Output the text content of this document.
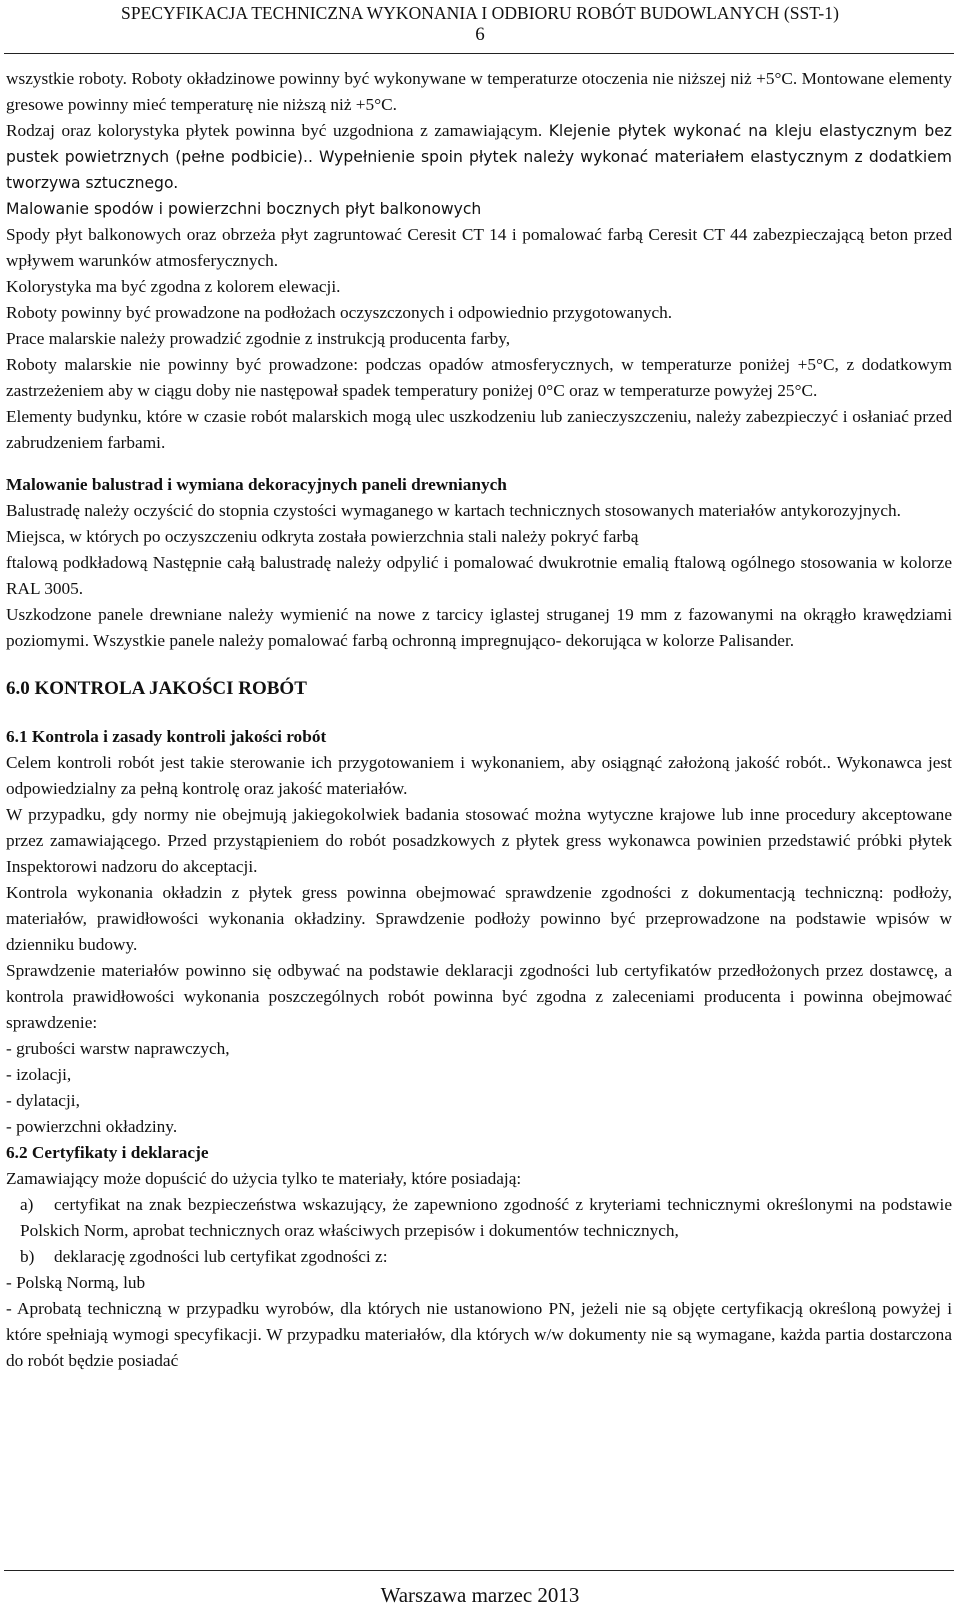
SPECYFIKACJA TECHNICZNA WYKONANIA I ODBIORU ROBÓT BUDOWLANYCH (SST-1)
6

wszystkie roboty. Roboty okładzinowe powinny być wykonywane w temperaturze otoczenia nie niższej niż +5°C. Montowane elementy gresowe powinny mieć temperaturę nie niższą niż +5°C.

Rodzaj oraz kolorystyka płytek powinna być uzgodniona z zamawiającym. Klejenie płytek wykonać na kleju elastycznym bez pustek powietrznych (pełne podbicie).. Wypełnienie spoin płytek należy wykonać materiałem elastycznym z dodatkiem tworzywa sztucznego.

Malowanie spodów i powierzchni bocznych płyt balkonowych

Spody płyt balkonowych oraz obrzeża płyt zagruntować Ceresit CT 14 i pomalować farbą Ceresit CT 44 zabezpieczającą beton przed wpływem warunków atmosferycznych.

Kolorystyka ma być zgodna z kolorem elewacji.

Roboty powinny być prowadzone na podłożach oczyszczonych i odpowiednio przygotowanych.

Prace malarskie należy prowadzić zgodnie z instrukcją producenta farby,

Roboty malarskie nie powinny być prowadzone: podczas opadów atmosferycznych, w temperaturze poniżej +5°C, z dodatkowym zastrzeżeniem aby w ciągu doby nie następował spadek temperatury poniżej 0°C oraz w temperaturze powyżej 25°C.

Elementy budynku, które w czasie robót malarskich mogą ulec uszkodzeniu lub zanieczyszczeniu, należy zabezpieczyć i osłaniać przed zabrudzeniem farbami.

Malowanie balustrad i wymiana dekoracyjnych paneli drewnianych

Balustradę należy oczyścić do stopnia czystości wymaganego w kartach technicznych stosowanych materiałów antykorozyjnych.

Miejsca, w których po oczyszczeniu odkryta została powierzchnia stali należy pokryć farbą

ftalową podkładową Następnie całą balustradę należy odpylić i pomalować dwukrotnie emalią ftalową ogólnego stosowania w kolorze RAL 3005.

Uszkodzone panele drewniane należy wymienić na nowe z tarcicy iglastej struganej 19 mm z fazowanymi na okrągło krawędziami poziomymi. Wszystkie panele należy pomalować farbą ochronną impregnująco- dekorująca w kolorze Palisander.

6.0 KONTROLA JAKOŚCI ROBÓT

6.1 Kontrola i zasady kontroli jakości robót

Celem kontroli robót jest takie sterowanie ich przygotowaniem i wykonaniem, aby osiągnąć założoną jakość robót.. Wykonawca jest odpowiedzialny za pełną kontrolę oraz jakość materiałów.

W przypadku, gdy normy nie obejmują jakiegokolwiek badania stosować można wytyczne krajowe lub inne procedury akceptowane przez zamawiającego. Przed przystąpieniem do robót posadzkowych z płytek gress wykonawca powinien przedstawić próbki płytek Inspektorowi nadzoru do akceptacji.

Kontrola wykonania okładzin z płytek gress powinna obejmować sprawdzenie zgodności z dokumentacją techniczną: podłoży, materiałów, prawidłowości wykonania okładziny. Sprawdzenie podłoży powinno być przeprowadzone na podstawie wpisów w dzienniku budowy.

Sprawdzenie materiałów powinno się odbywać na podstawie deklaracji zgodności lub certyfikatów przedłożonych przez dostawcę, a kontrola prawidłowości wykonania poszczególnych robót powinna być zgodna z zaleceniami producenta i powinna obejmować sprawdzenie:

- grubości warstw naprawczych,

- izolacji,

- dylatacji,

- powierzchni okładziny.

6.2 Certyfikaty i deklaracje

Zamawiający może dopuścić do użycia tylko te materiały, które posiadają:

a) certyfikat na znak bezpieczeństwa wskazujący, że zapewniono zgodność z kryteriami technicznymi określonymi na podstawie Polskich Norm, aprobat technicznych oraz właściwych przepisów i dokumentów technicznych,

b) deklarację zgodności lub certyfikat zgodności z:

- Polską Normą, lub

- Aprobatą techniczną w przypadku wyrobów, dla których nie ustanowiono PN, jeżeli nie są objęte certyfikacją określoną powyżej i które spełniają wymogi specyfikacji. W przypadku materiałów, dla których w/w dokumenty nie są wymagane, każda partia dostarczona do robót będzie posiadać

Warszawa marzec 2013
